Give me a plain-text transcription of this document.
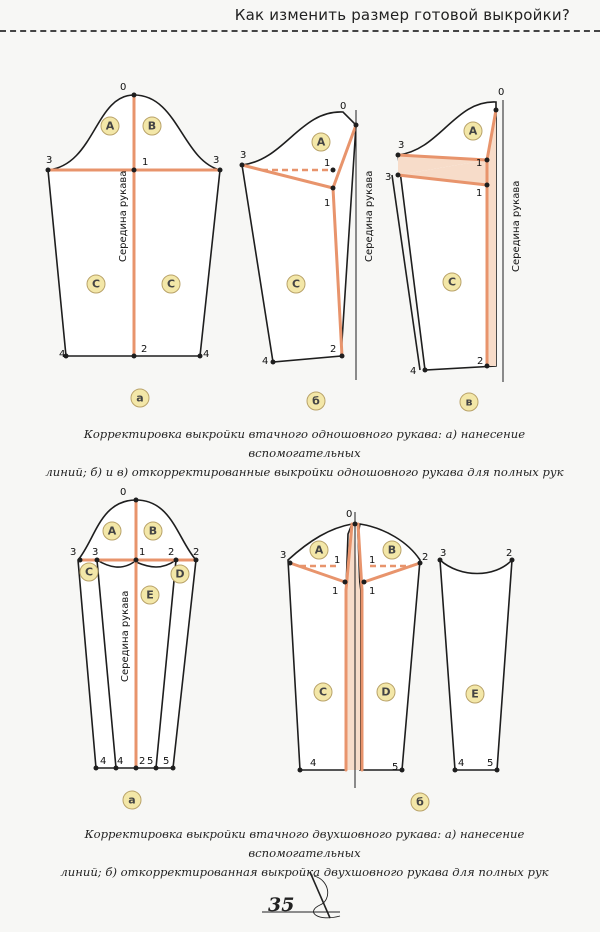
Как изменить размер готовой выкройки?
0
1
2
3	3
4	4
Середина рукава
A	B
C	C
а
0
1
1
2
3
4
Середина рукава
A
C
б
0
1
1
2
3
3
4
Середина рукава
A
C
в
0
1
2
2 2
3 3
4 4 5 5
Середина рукава
A	B
C	D
E
а
0
1
1
1
1
3	2
4	5
A	B
C	D
б
3	2
4 5
E

Корректировка выкройки втачного одношовного рукава: а) нанесение вспомогательных
линий; б) и в) откорректированные выкройки одношовного рукава для полных рук

Корректировка выкройки втачного двухшовного рукава: а) нанесение вспомогательных
линий; б) откорректированная выкройка двухшовного рукава для полных рук

35
